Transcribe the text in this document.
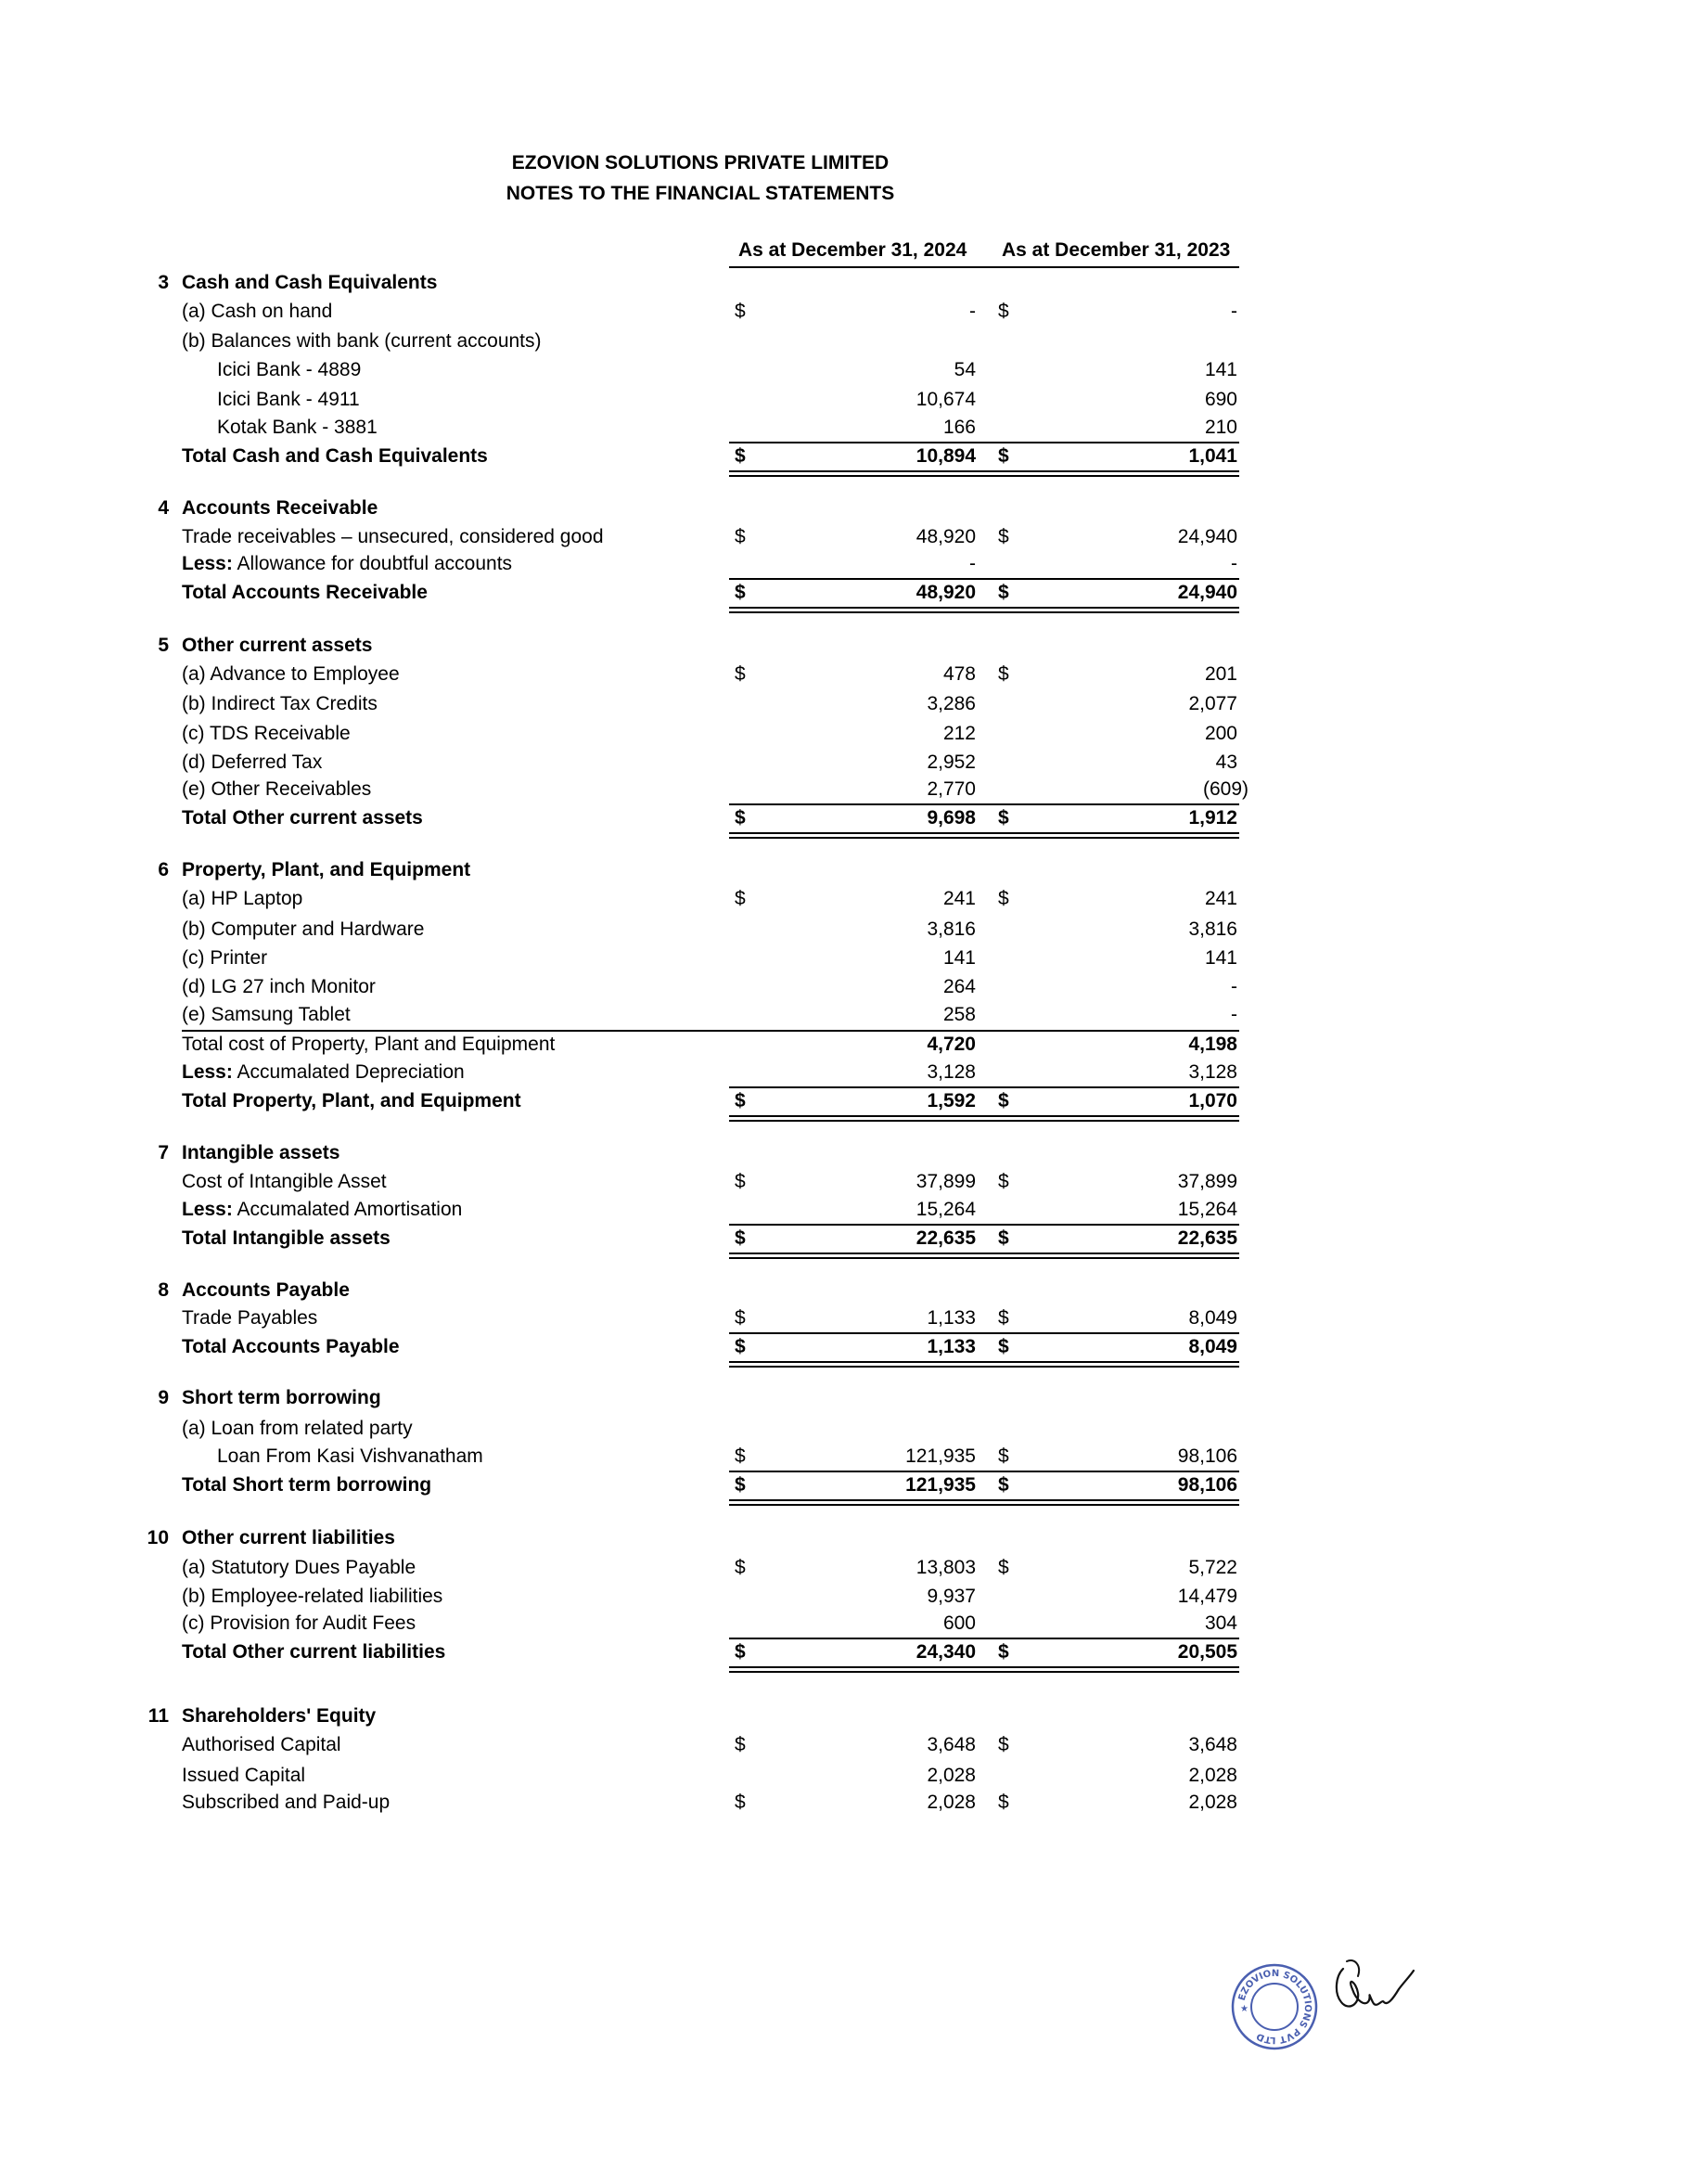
EZOVION SOLUTIONS PRIVATE LIMITED
NOTES TO THE FINANCIAL STATEMENTS
As at December 31, 2024 As at December 31, 2023
3 Cash and Cash Equivalents
(a) Cash on hand	$	- $	-
(b) Balances with bank (current accounts)
Icici Bank - 4889	54	141
Icici Bank - 4911	10,674	690
Kotak Bank - 3881	166	210
Total Cash and Cash Equivalents	$	10,894 $	1,041
4 Accounts Receivable
Trade receivables – unsecured, considered good	$	48,920 $	24,940
Less: Allowance for doubtful accounts	-	-
Total Accounts Receivable	$	48,920 $	24,940
5 Other current assets
(a) Advance to Employee	$	478 $	201
(b) Indirect Tax Credits	3,286	2,077
(c) TDS Receivable	212	200
(d) Deferred Tax	2,952	43
(e) Other Receivables	2,770	(609)
Total Other current assets	$	9,698 $	1,912
6 Property, Plant, and Equipment
(a) HP Laptop	$	241 $	241
(b) Computer and Hardware	3,816	3,816
(c) Printer	141	141
(d) LG 27 inch Monitor	264	-
(e) Samsung Tablet	258	-
Total cost of Property, Plant and Equipment	4,720	4,198
Less: Accumalated Depreciation	3,128	3,128
Total Property, Plant, and Equipment	$	1,592 $	1,070
7 Intangible assets
Cost of Intangible Asset	$	37,899 $	37,899
Less: Accumalated Amortisation	15,264	15,264
Total Intangible assets	$	22,635 $	22,635
8 Accounts Payable
Trade Payables	$	1,133 $	8,049
Total Accounts Payable	$	1,133 $	8,049
9 Short term borrowing
(a) Loan from related party
Loan From Kasi Vishvanatham	$	121,935 $	98,106
Total Short term borrowing	$	121,935 $	98,106
10 Other current liabilities
(a) Statutory Dues Payable	$	13,803 $	5,722
(b) Employee-related liabilities	9,937	14,479
(c) Provision for Audit Fees	600	304
Total Other current liabilities	$	24,340 $	20,505
11 Shareholders' Equity
Authorised Capital	$	3,648 $	3,648
Issued Capital	2,028	2,028
Subscribed and Paid-up	$	2,028 $	2,028
EZOVION SOLUTIONS PVT LTD
★
